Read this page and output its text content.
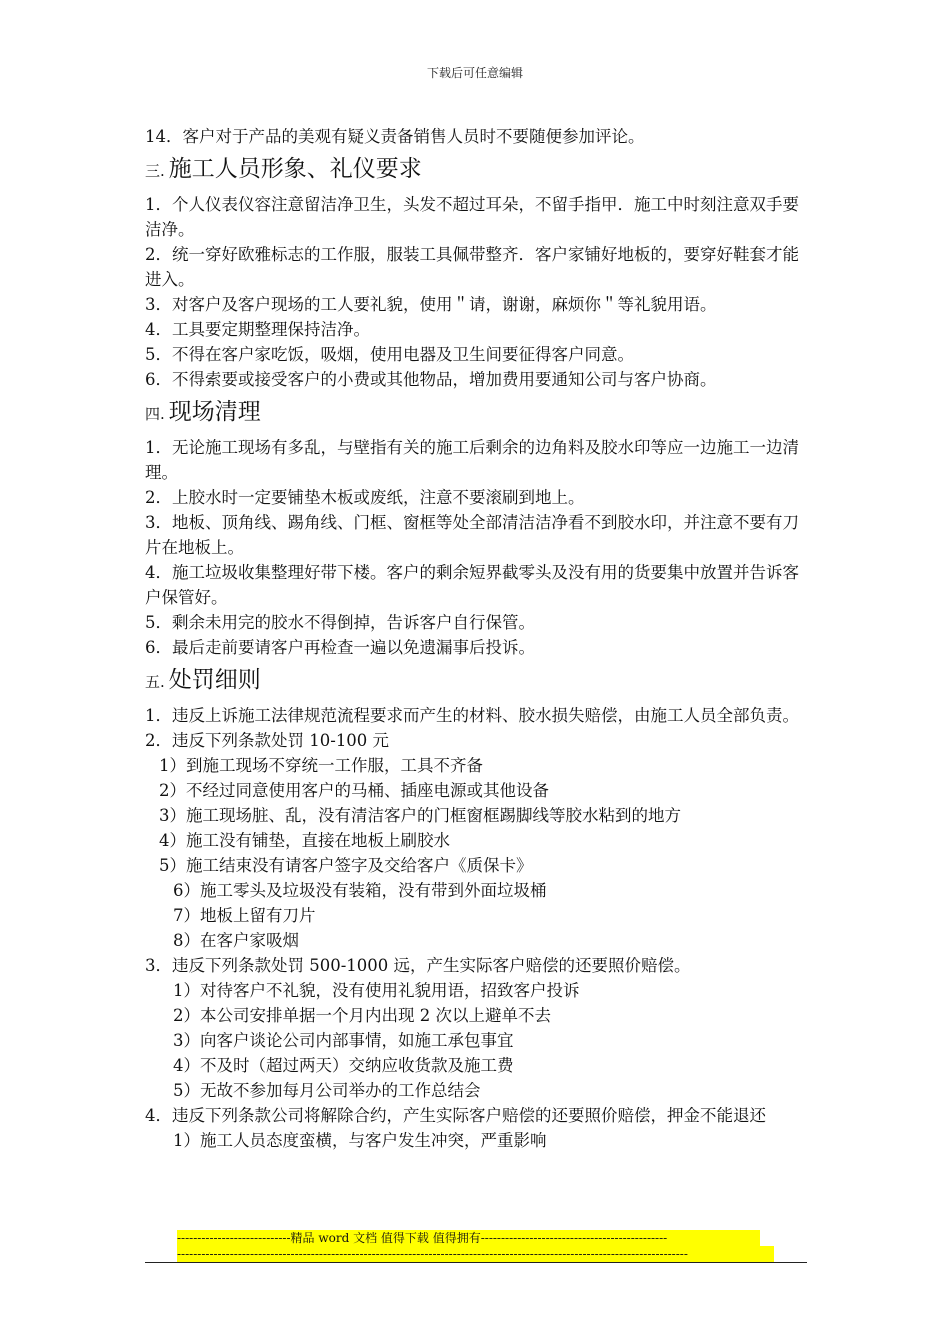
下载后可任意编辑
14．客户对于产品的美观有疑义责备销售人员时不要随便参加评论。
三. 施工人员形象、礼仪要求
1．个人仪表仪容注意留洁净卫生，头发不超过耳朵，不留手指甲．施工中时刻注意双手要洁净。
2．统一穿好欧雅标志的工作服，服装工具佩带整齐．客户家铺好地板的，要穿好鞋套才能进入。
3．对客户及客户现场的工人要礼貌，使用＂请，谢谢，麻烦你＂等礼貌用语。
4．工具要定期整理保持洁净。
5．不得在客户家吃饭，吸烟，使用电器及卫生间要征得客户同意。
6．不得索要或接受客户的小费或其他物品，增加费用要通知公司与客户协商。
四. 现场清理
1．无论施工现场有多乱，与壁指有关的施工后剩余的边角料及胶水印等应一边施工一边清理。
2．上胶水时一定要铺垫木板或废纸，注意不要滚刷到地上。
3．地板、顶角线、踢角线、门框、窗框等处全部清洁洁净看不到胶水印，并注意不要有刀片在地板上。
4．施工垃圾收集整理好带下楼。客户的剩余短界截零头及没有用的货要集中放置并告诉客户保管好。
5．剩余未用完的胶水不得倒掉，告诉客户自行保管。
6．最后走前要请客户再检查一遍以免遗漏事后投诉。
五. 处罚细则
1．违反上诉施工法律规范流程要求而产生的材料、胶水损失赔偿，由施工人员全部负责。
2．违反下列条款处罚 10-100 元
1）到施工现场不穿统一工作服，工具不齐备
2）不经过同意使用客户的马桶、插座电源或其他设备
3）施工现场脏、乱，没有清洁客户的门框窗框踢脚线等胶水粘到的地方
4）施工没有铺垫，直接在地板上刷胶水
5）施工结束没有请客户签字及交给客户《质保卡》
6）施工零头及垃圾没有装箱，没有带到外面垃圾桶
7）地板上留有刀片
8）在客户家吸烟
3．违反下列条款处罚 500-1000 远，产生实际客户赔偿的还要照价赔偿。
1）对待客户不礼貌，没有使用礼貌用语，招致客户投诉
2）本公司安排单据一个月内出现 2 次以上避单不去
3）向客户谈论公司内部事情，如施工承包事宜
4）不及时（超过两天）交纳应收货款及施工费
5）无故不参加每月公司举办的工作总结会
4．违反下列条款公司将解除合约，产生实际客户赔偿的还要照价赔偿，押金不能退还
1）施工人员态度蛮横，与客户发生冲突，严重影响
----------------------------精品 word 文档 值得下载 值得拥有----------------------------------------------
------------------------------------------------------------------------------------------------------------------------------
